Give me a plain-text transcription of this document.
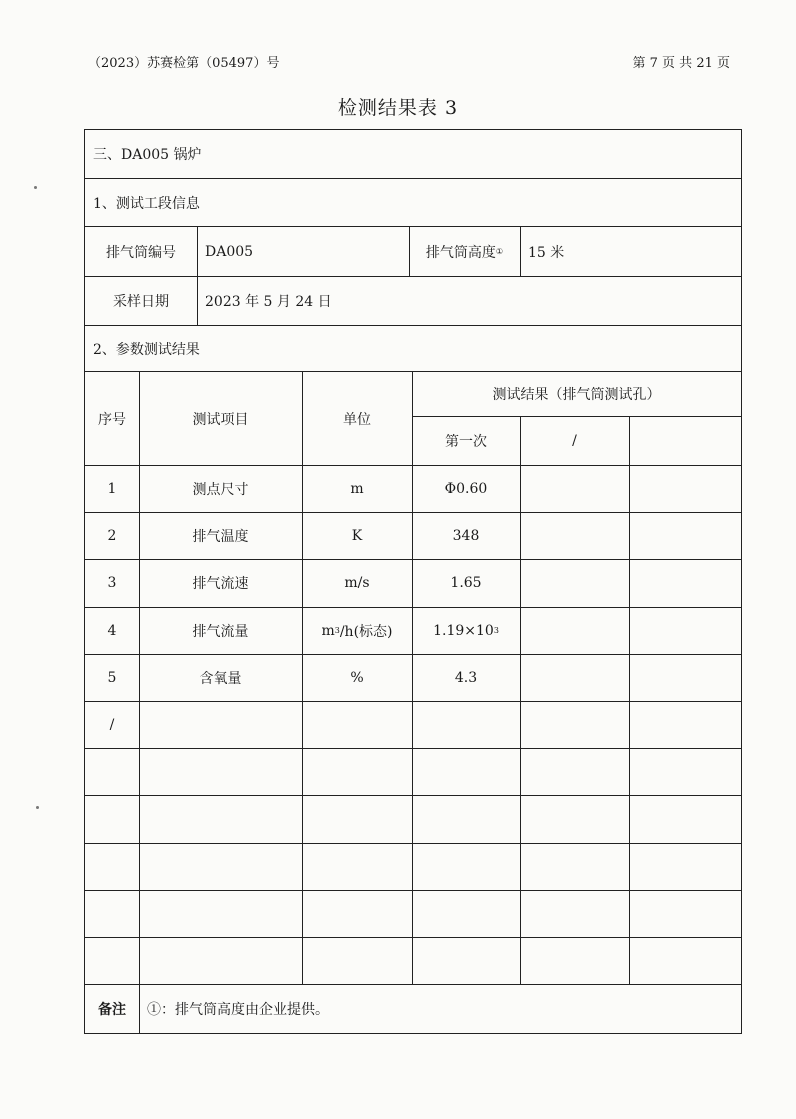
（2023）苏赛检第（05497）号	第 7 页 共 21 页
检测结果表 3
三、DA005 锅炉
1、测试工段信息
排气筒编号	DA005	排气筒高度 ①	15 米
采样日期	2023 年 5 月 24 日
2、参数测试结果
序号	测试项目	单位
测试结果（排气筒测试孔）
第一次	/
1	测点尺寸	m	Φ0.60
2	排气温度	K	348
3	排气流速	m/s	1.65
4	排气流量	m 3 /h(标态)	1.19×10 3
5	含氧量	%	4.3
/
备注	①：排气筒高度由企业提供。
